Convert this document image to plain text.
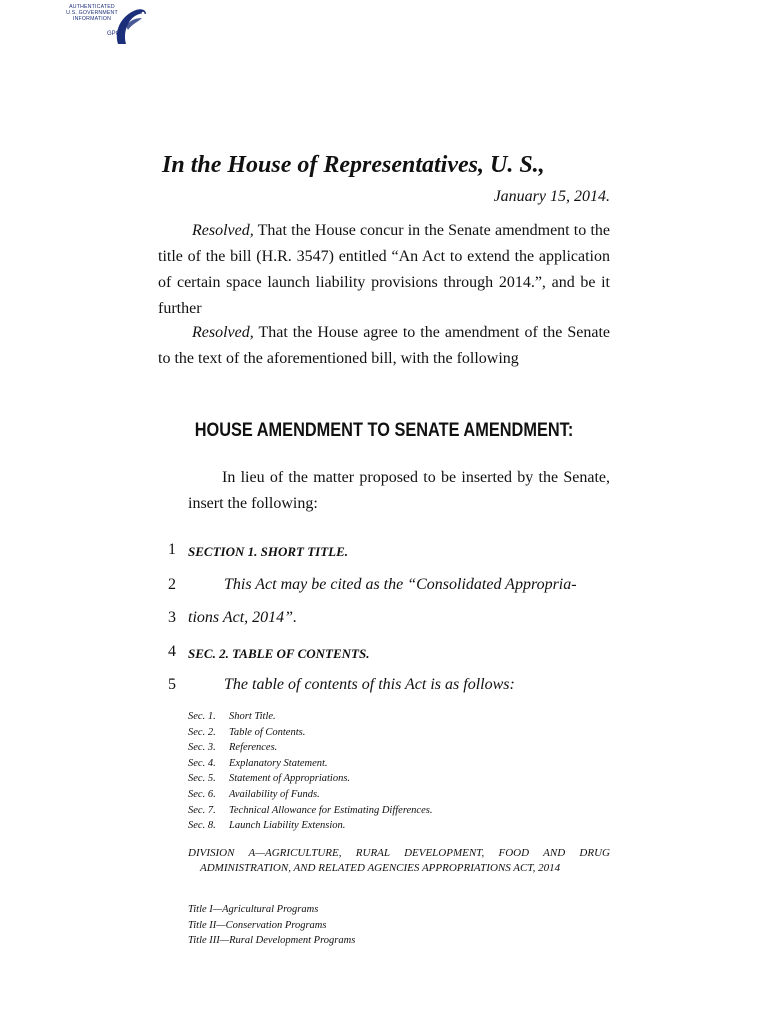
AUTHENTICATED
U.S. GOVERNMENT
INFORMATION
GPO
In the House of Representatives, U. S.,
January 15, 2014.

Resolved, That the House concur in the Senate amendment to the title of the bill (H.R. 3547) entitled “An Act to extend the application of certain space launch liability provisions through 2014.”, and be it further

Resolved, That the House agree to the amendment of the Senate to the text of the aforementioned bill, with the following

HOUSE AMENDMENT TO SENATE AMENDMENT:

In lieu of the matter proposed to be inserted by the Senate, insert the following:

1 SECTION 1. SHORT TITLE.
2	This Act may be cited as the “Consolidated Appropria-
3 tions Act, 2014”.
4 SEC. 2. TABLE OF CONTENTS.
5	The table of contents of this Act is as follows:
Sec. 1. Short Title.
Sec. 2. Table of Contents.
Sec. 3. References.
Sec. 4. Explanatory Statement.
Sec. 5. Statement of Appropriations.
Sec. 6. Availability of Funds.
Sec. 7. Technical Allowance for Estimating Differences.
Sec. 8. Launch Liability Extension.

DIVISION A—AGRICULTURE, RURAL DEVELOPMENT, FOOD AND DRUG ADMINISTRATION, AND RELATED AGENCIES APPROPRIATIONS ACT, 2014

Title I—Agricultural Programs
Title II—Conservation Programs
Title III—Rural Development Programs
